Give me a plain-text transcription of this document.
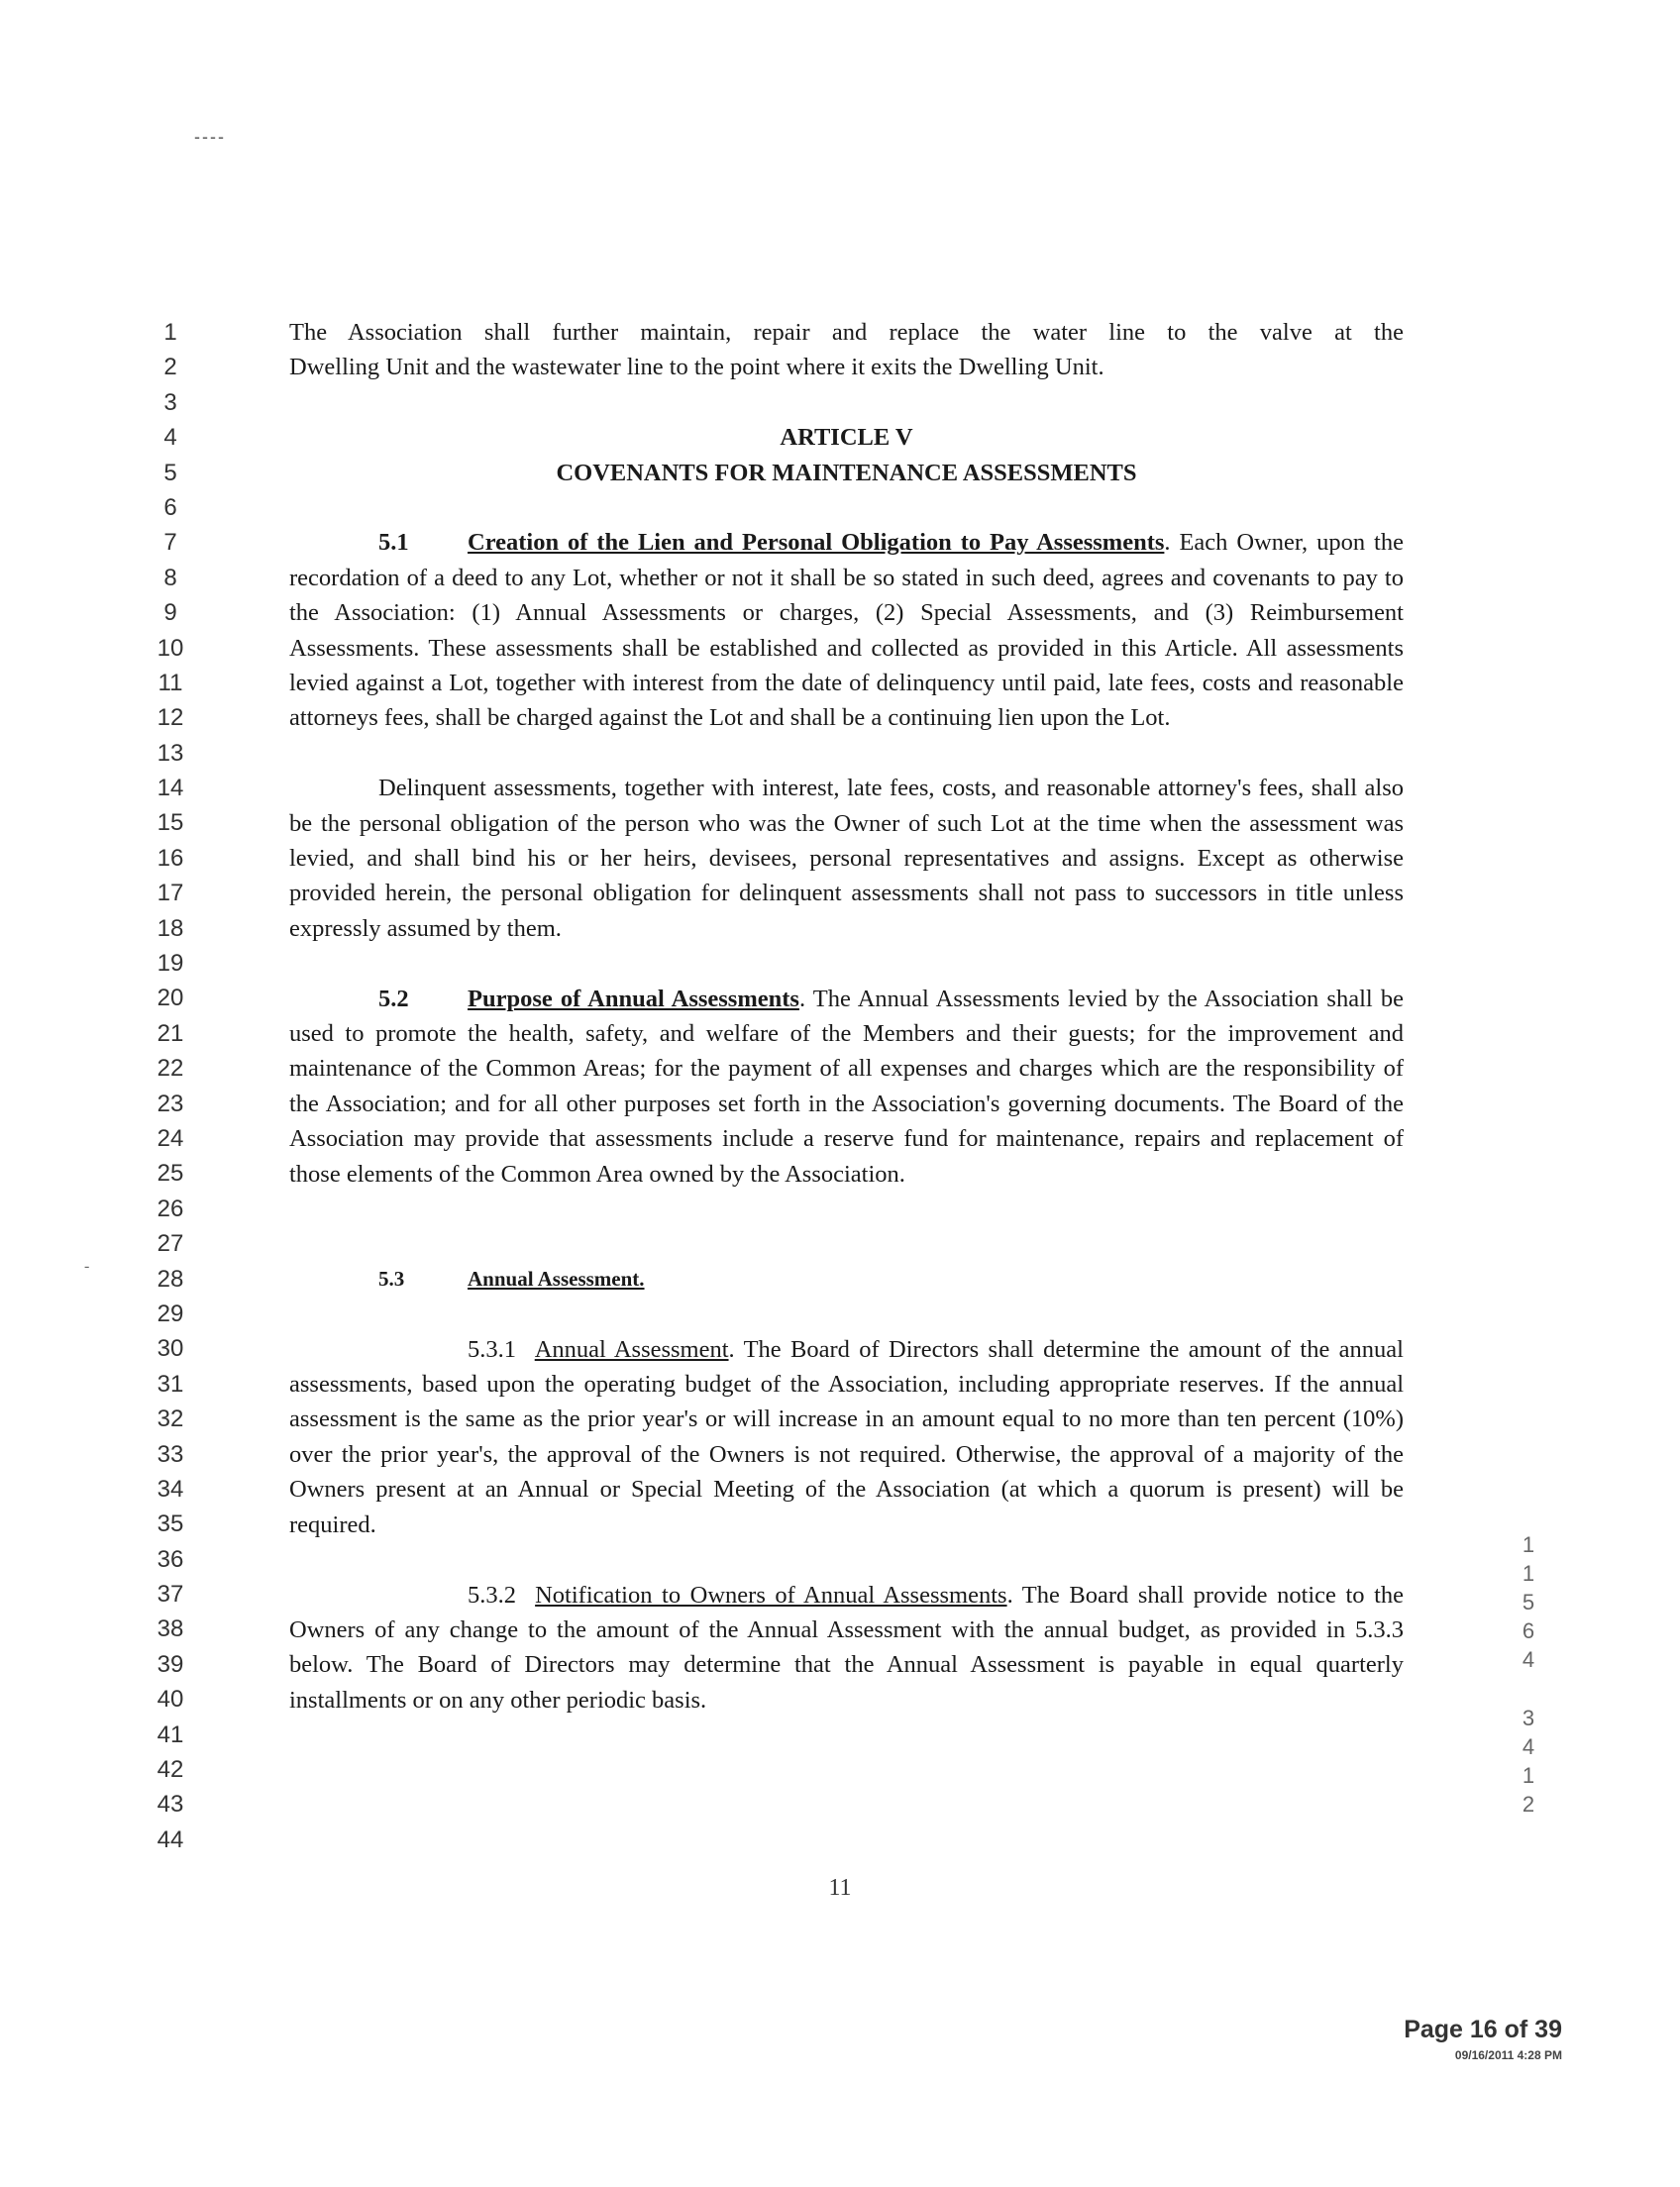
----
-
1
2
3
4
5
6
7
8
9
10
11
12
13
14
15
16
17
18
19
20
21
22
23
24
25
26
27
28
29
30
31
32
33
34
35
36
37
38
39
40
41
42
43
44

The Association shall further maintain, repair and replace the water line to the valve at the

Dwelling Unit and the wastewater line to the point where it exits the Dwelling Unit.

ARTICLE V

COVENANTS FOR MAINTENANCE ASSESSMENTS

5.1 Creation of the Lien and Personal Obligation to Pay Assessments. Each Owner, upon the recordation of a deed to any Lot, whether or not it shall be so stated in such deed, agrees and covenants to pay to the Association: (1) Annual Assessments or charges, (2) Special Assessments, and (3) Reimbursement Assessments. These assessments shall be established and collected as provided in this Article. All assessments levied against a Lot, together with interest from the date of delinquency until paid, late fees, costs and reasonable attorneys fees, shall be charged against the Lot and shall be a continuing lien upon the Lot.

Delinquent assessments, together with interest, late fees, costs, and reasonable attorney's fees, shall also be the personal obligation of the person who was the Owner of such Lot at the time when the assessment was levied, and shall bind his or her heirs, devisees, personal representatives and assigns. Except as otherwise provided herein, the personal obligation for delinquent assessments shall not pass to successors in title unless expressly assumed by them.

5.2 Purpose of Annual Assessments. The Annual Assessments levied by the Association shall be used to promote the health, safety, and welfare of the Members and their guests; for the improvement and maintenance of the Common Areas; for the payment of all expenses and charges which are the responsibility of the Association; and for all other purposes set forth in the Association's governing documents. The Board of the Association may provide that assessments include a reserve fund for maintenance, repairs and replacement of those elements of the Common Area owned by the Association.

5.3	Annual Assessment.

5.3.1 Annual Assessment. The Board of Directors shall determine the amount of the annual assessments, based upon the operating budget of the Association, including appropriate reserves. If the annual assessment is the same as the prior year's or will increase in an amount equal to no more than ten percent (10%) over the prior year's, the approval of the Owners is not required. Otherwise, the approval of a majority of the Owners present at an Annual or Special Meeting of the Association (at which a quorum is present) will be required.

5.3.2 Notification to Owners of Annual Assessments. The Board shall provide notice to the Owners of any change to the amount of the Annual Assessment with the annual budget, as provided in 5.3.3 below. The Board of Directors may determine that the Annual Assessment is payable in equal quarterly installments or on any other periodic basis.

11
1
1
5
6
4
3
4
1
2
Page 16 of 39
09/16/2011 4:28 PM
